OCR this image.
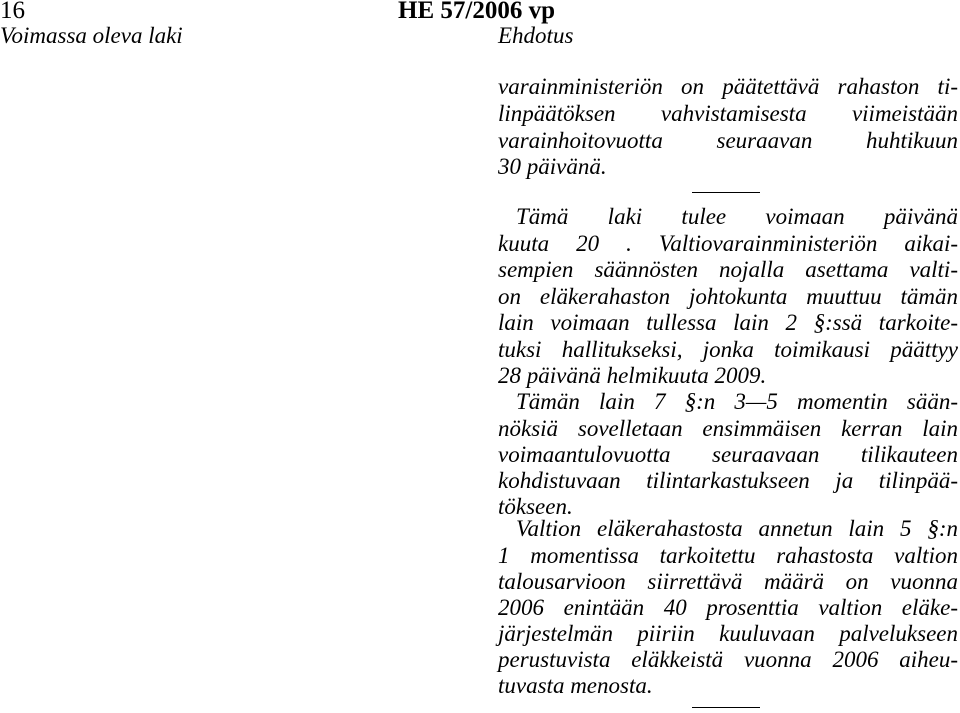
16	HE 57/2006 vp
Voimassa oleva laki	Ehdotus
varainministeriön on päätettävä rahaston ti-
linpäätöksen vahvistamisesta viimeistään
varainhoitovuotta seuraavan huhtikuun
30 päivänä.
Tämä laki tulee voimaan päivänä
kuuta 20 . Valtiovarainministeriön aikai-
sempien säännösten nojalla asettama valti-
on eläkerahaston johtokunta muuttuu tämän
lain voimaan tullessa lain 2 §:ssä tarkoite-
tuksi hallitukseksi, jonka toimikausi päättyy
28 päivänä helmikuuta 2009.
Tämän lain 7 §:n 3—5 momentin sään-
nöksiä sovelletaan ensimmäisen kerran lain
voimaantulovuotta seuraavaan tilikauteen
kohdistuvaan tilintarkastukseen ja tilinpää-
tökseen.
Valtion eläkerahastosta annetun lain 5 §:n
1 momentissa tarkoitettu rahastosta valtion
talousarvioon siirrettävä määrä on vuonna
2006 enintään 40 prosenttia valtion eläke-
järjestelmän piiriin kuuluvaan palvelukseen
perustuvista eläkkeistä vuonna 2006 aiheu-
tuvasta menosta.
